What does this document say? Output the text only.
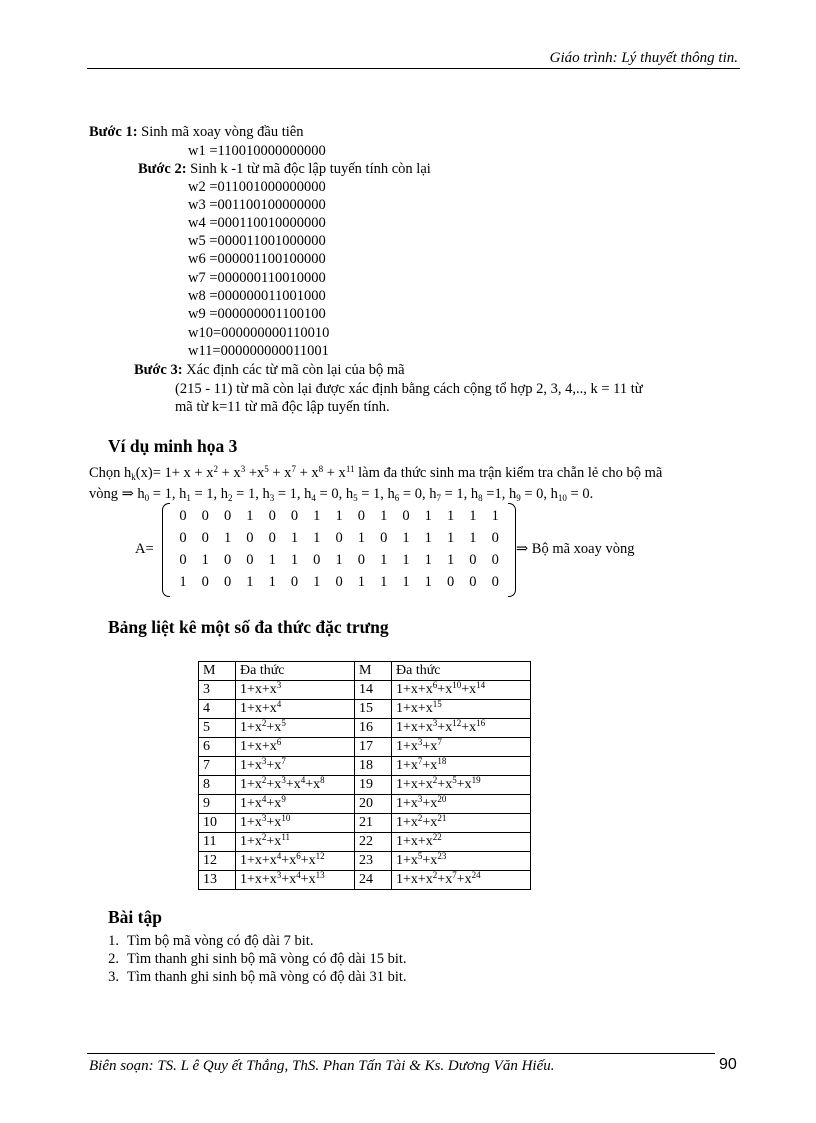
Giáo trình: Lý thuyết thông tin.
Bước 1: Sinh mã xoay vòng đầu tiên
w1 =110010000000000
Bước 2: Sinh k -1 từ mã độc lập tuyến tính còn lại
w2 =011001000000000
w3 =001100100000000
w4 =000110010000000
w5 =000011001000000
w6 =000001100100000
w7 =000000110010000
w8 =000000011001000
w9 =000000001100100
w10=000000000110010
w11=000000000011001
Bước 3: Xác định các từ mã còn lại của bộ mã
(215 - 11) từ mã còn lại được xác định bằng cách cộng tổ hợp 2, 3, 4,.., k = 11 từ
mã từ k=11 từ mã độc lập tuyến tính.
Ví dụ minh họa 3
Chọn $h_k(x)= 1+ x + x^2 + x^3 +x^5 + x^7 + x^8 + x^{11}$ làm đa thức sinh ma trận kiểm tra chẵn lẻ cho bộ mã
vòng ⇒ $h_0 = 1$, $h_1 = 1$, $h_2 = 1$, $h_3 = 1$, $h_4 = 0$, $h_5 = 1$, $h_6 = 0$, $h_7 = 1$, $h_8 =1$, $h_9 = 0$, $h_{10} = 0$.
A=
0	0	0	1	0	0	1	1	0	1	0	1	1	1	1
0	0	1	0	0	1	1	0	1	0	1	1	1	1	0
0	1	0	0	1	1	0	1	0	1	1	1	1	0	0
1	0	0	1	1	0	1	0	1	1	1	1	0	0	0
⇒ Bộ mã xoay vòng
Bảng liệt kê một số đa thức đặc trưng
M	Đa thức	M	Đa thức
3	$1+x+x^3$	14	$1+x+x^6+x^{10}+x^{14}$
4	$1+x+x^4$	15	$1+x+x^{15}$
5	$1+x^2+x^5$	16	$1+x+x^3+x^{12}+x^{16}$
6	$1+x+x^6$	17	$1+x^3+x^7$
7	$1+x^3+x^7$	18	$1+x^7+x^{18}$
8	$1+x^2+x^3+x^4+x^8$	19	$1+x+x^2+x^5+x^{19}$
9	$1+x^4+x^9$	20	$1+x^3+x^{20}$
10	$1+x^3+x^{10}$	21	$1+x^2+x^{21}$
11	$1+x^2+x^{11}$	22	$1+x+x^{22}$
12	$1+x+x^4+x^6+x^{12}$	23	$1+x^5+x^{23}$
13	$1+x+x^3+x^4+x^{13}$	24	$1+x+x^2+x^7+x^{24}$
Bài tập
1. Tìm bộ mã vòng có độ dài 7 bit.
2. Tìm thanh ghi sinh bộ mã vòng có độ dài 15 bit.
3. Tìm thanh ghi sinh bộ mã vòng có độ dài 31 bit.
Biên soạn: TS. L ê Quy ết Thắng, ThS. Phan Tấn Tài & Ks. Dương Văn Hiếu.	90
